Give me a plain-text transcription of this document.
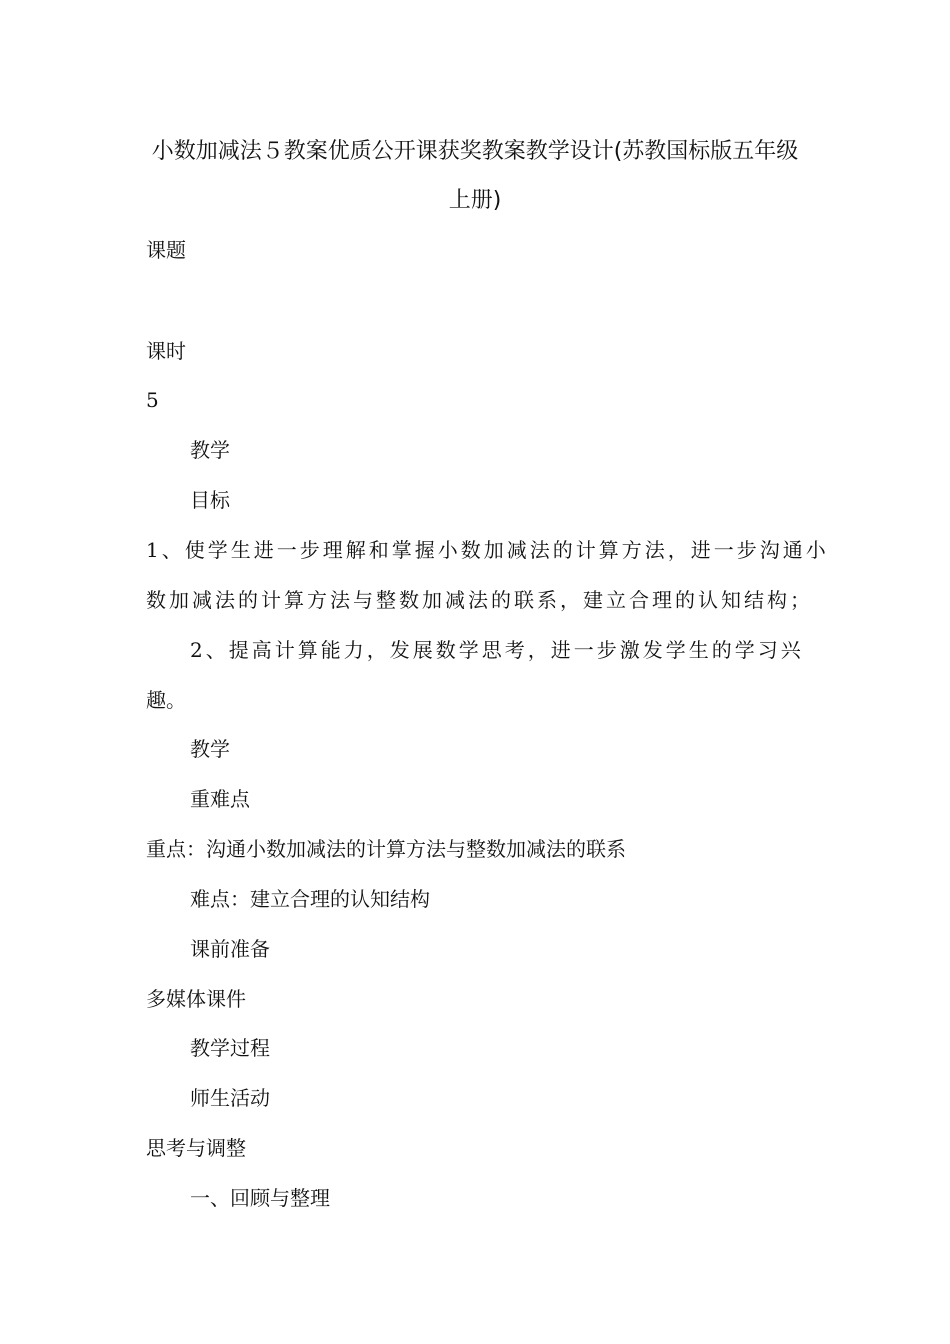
小数加减法５教案优质公开课获奖教案教学设计(苏教国标版五年级
上册)
课题
课时
5
教学
目标
1、使学生进一步理解和掌握小数加减法的计算方法，进一步沟通小
数加减法的计算方法与整数加减法的联系，建立合理的认知结构；
2、提高计算能力，发展数学思考，进一步激发学生的学习兴
趣。
教学
重难点
重点：沟通小数加减法的计算方法与整数加减法的联系
难点：建立合理的认知结构
课前准备
多媒体课件
教学过程
师生活动
思考与调整
一、回顾与整理
